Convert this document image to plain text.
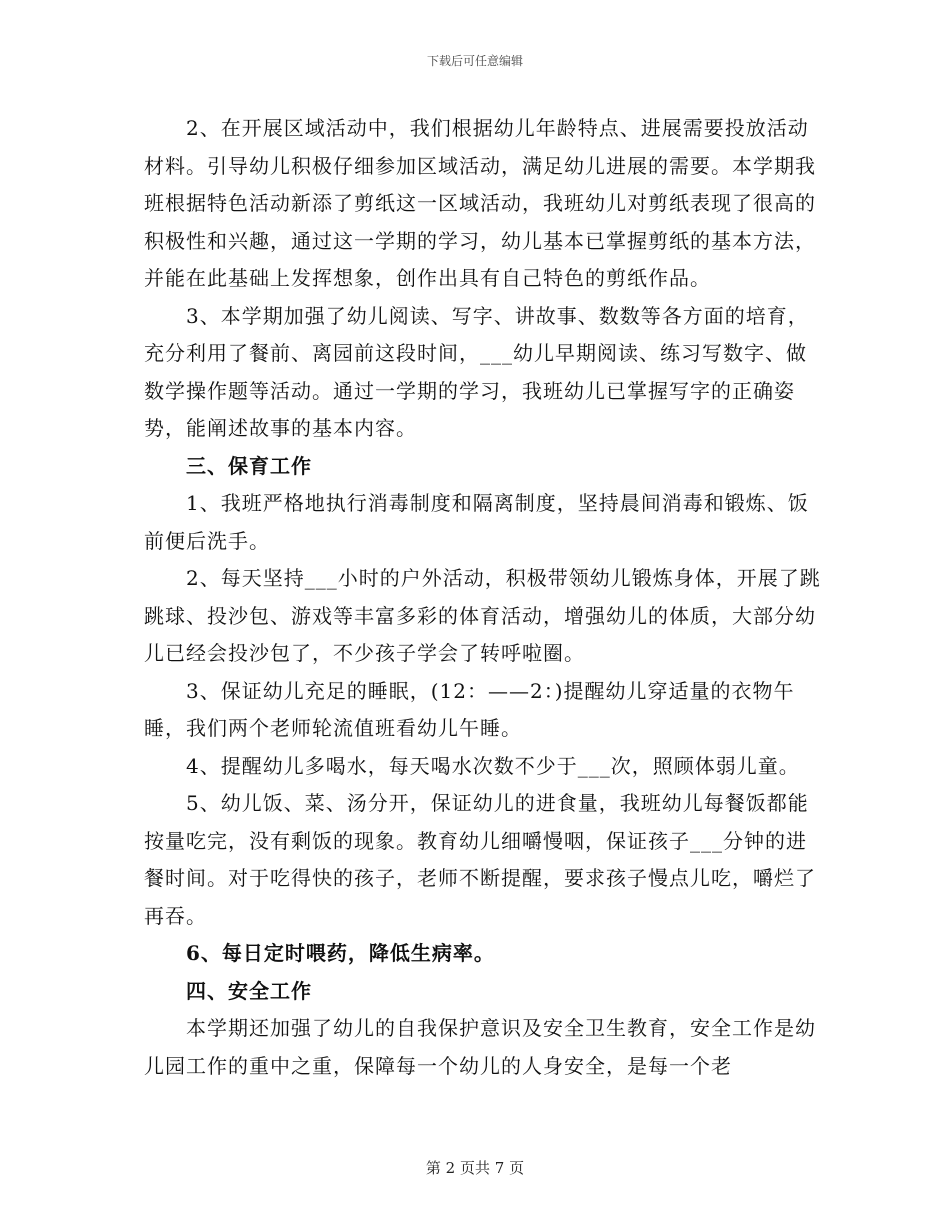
下载后可任意编辑

2、在开展区域活动中，我们根据幼儿年龄特点、进展需要投放活动材料。引导幼儿积极仔细参加区域活动，满足幼儿进展的需要。本学期我班根据特色活动新添了剪纸这一区域活动，我班幼儿对剪纸表现了很高的积极性和兴趣，通过这一学期的学习，幼儿基本已掌握剪纸的基本方法，并能在此基础上发挥想象，创作出具有自己特色的剪纸作品。

3、本学期加强了幼儿阅读、写字、讲故事、数数等各方面的培育，充分利用了餐前、离园前这段时间，___幼儿早期阅读、练习写数字、做数学操作题等活动。通过一学期的学习，我班幼儿已掌握写字的正确姿势，能阐述故事的基本内容。

三、保育工作

1、我班严格地执行消毒制度和隔离制度，坚持晨间消毒和锻炼、饭前便后洗手。

2、每天坚持___小时的户外活动，积极带领幼儿锻炼身体，开展了跳跳球、投沙包、游戏等丰富多彩的体育活动，增强幼儿的体质，大部分幼儿已经会投沙包了，不少孩子学会了转呼啦圈。

3、保证幼儿充足的睡眠，(12：——2：)提醒幼儿穿适量的衣物午睡，我们两个老师轮流值班看幼儿午睡。

4、提醒幼儿多喝水，每天喝水次数不少于___次，照顾体弱儿童。

5、幼儿饭、菜、汤分开，保证幼儿的进食量，我班幼儿每餐饭都能按量吃完，没有剩饭的现象。教育幼儿细嚼慢咽，保证孩子___分钟的进餐时间。对于吃得快的孩子，老师不断提醒，要求孩子慢点儿吃，嚼烂了再吞。

6、每日定时喂药，降低生病率。

四、安全工作

本学期还加强了幼儿的自我保护意识及安全卫生教育，安全工作是幼儿园工作的重中之重，保障每一个幼儿的人身安全，是每一个老

第 2 页共 7 页
